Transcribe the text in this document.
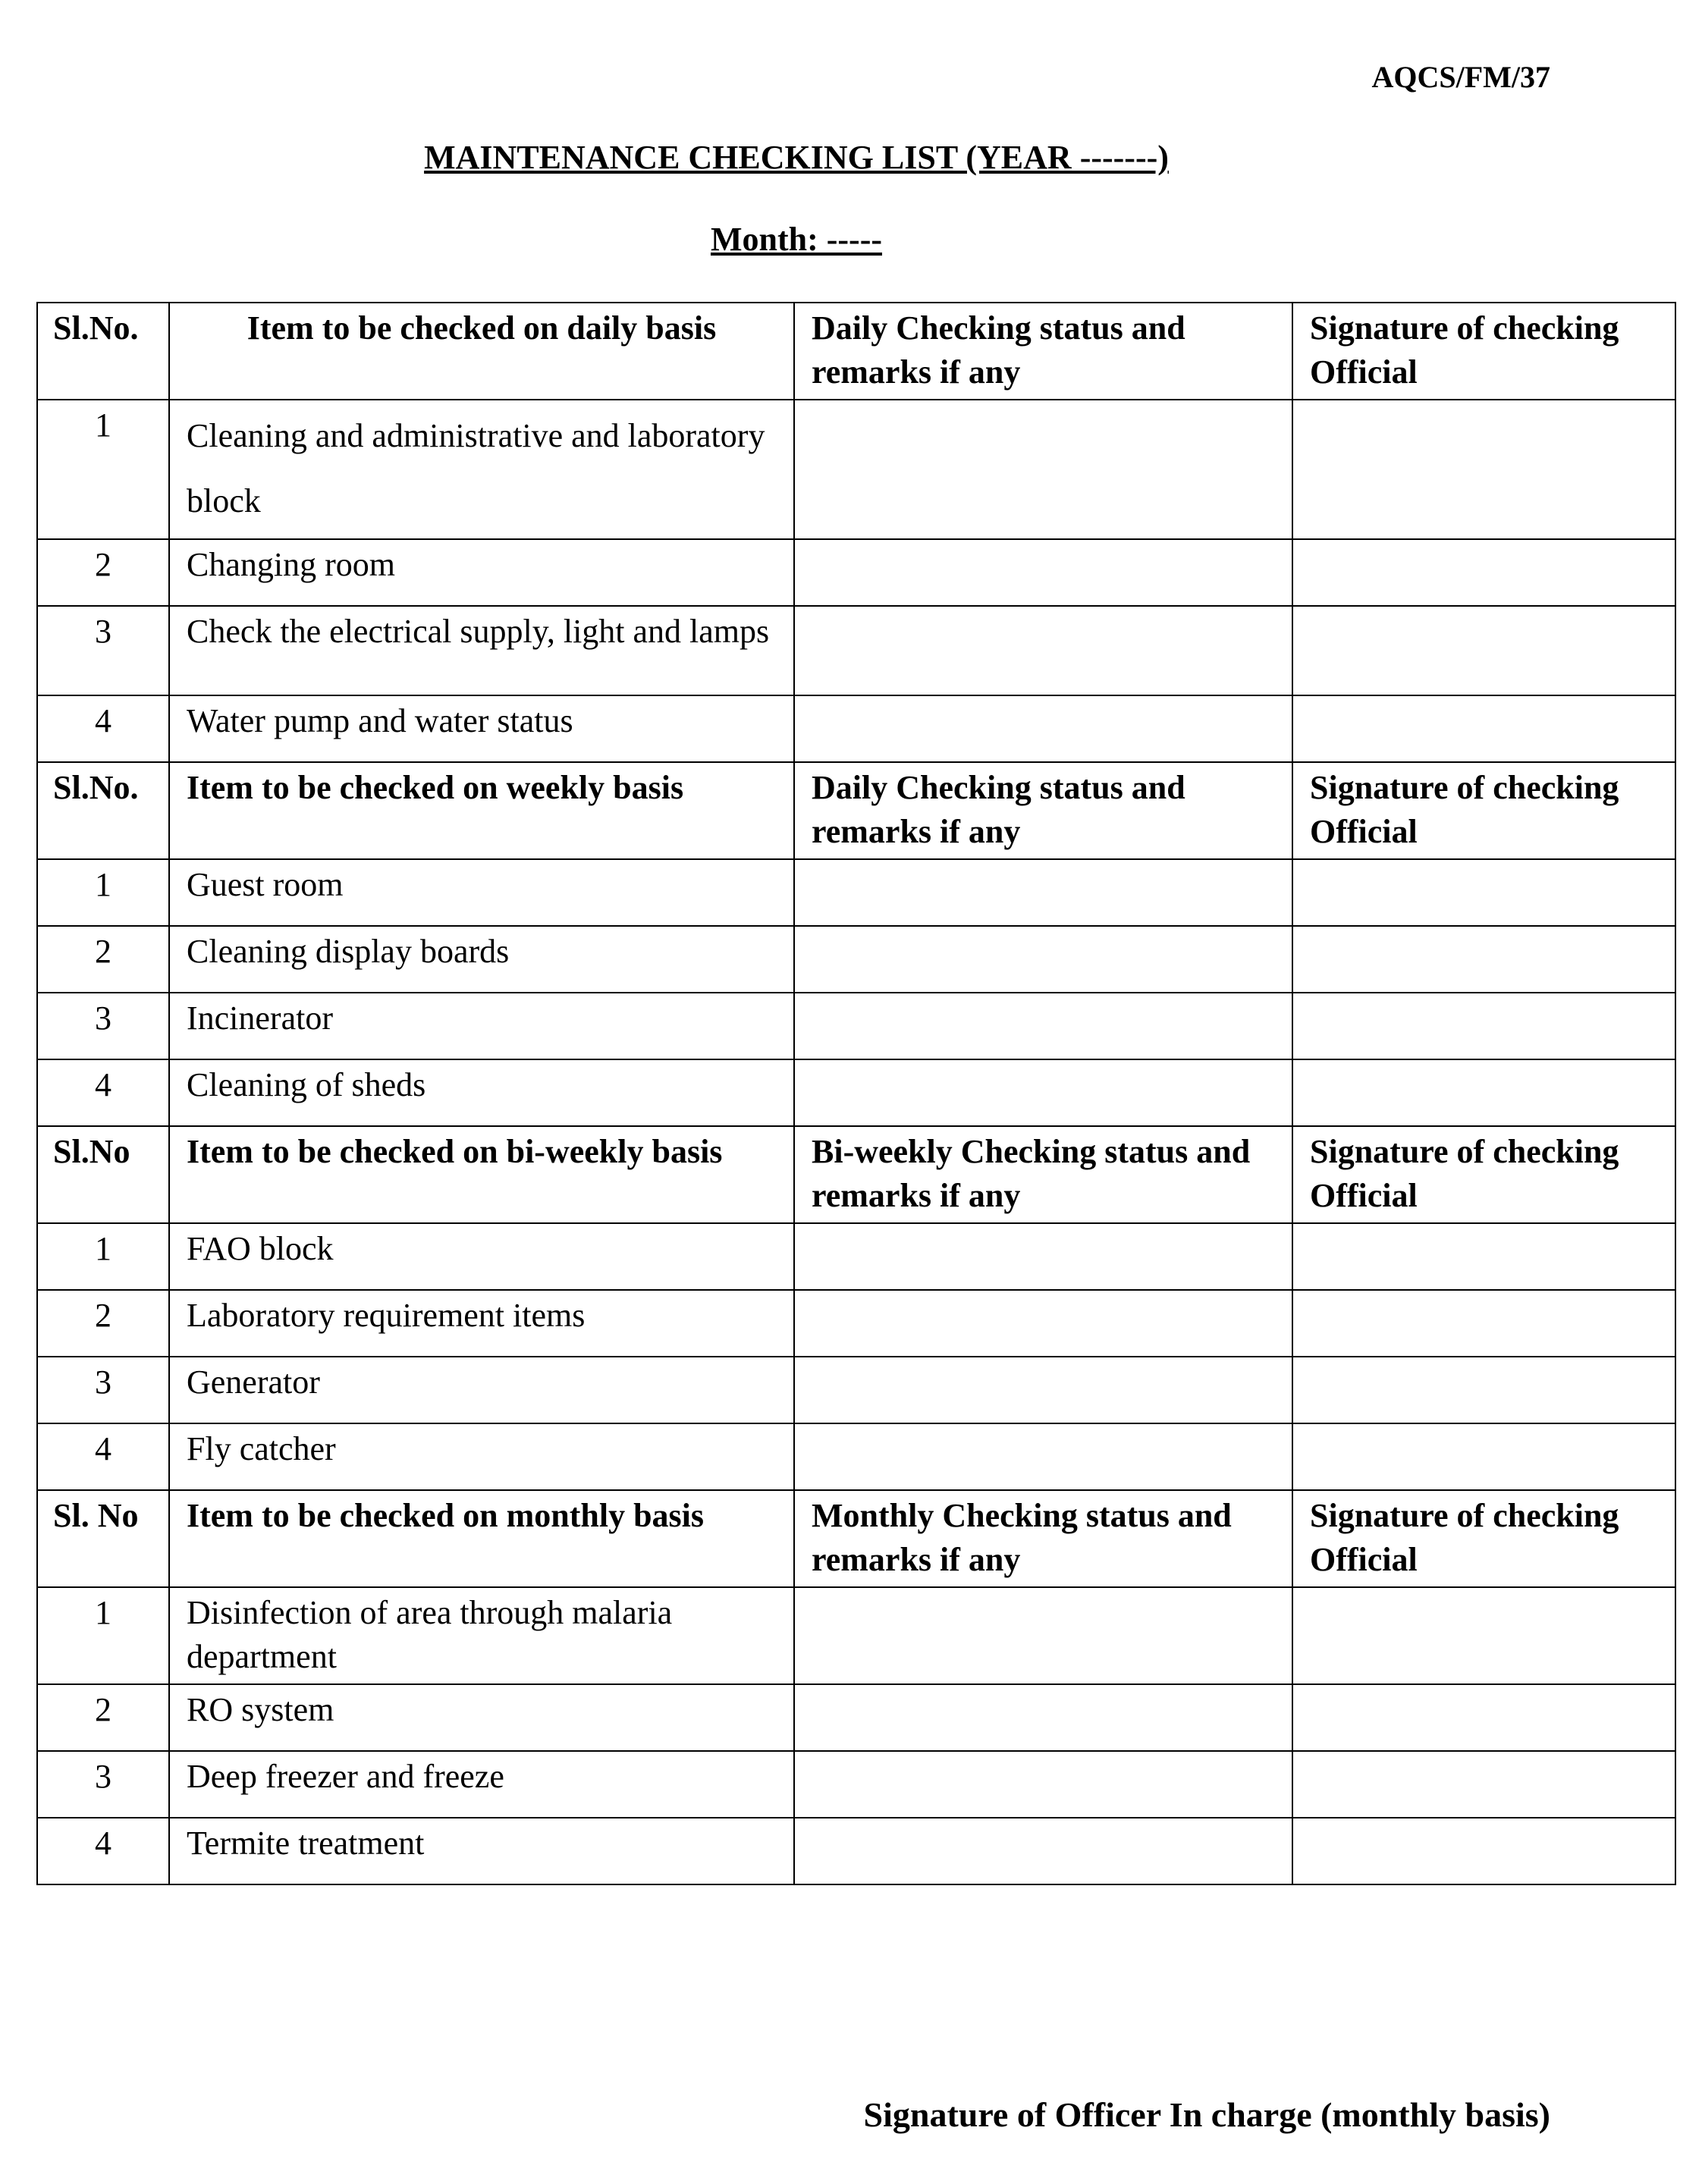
AQCS/FM/37
MAINTENANCE CHECKING LIST (YEAR -------)
Month: -----
Sl.No.	Item to be checked on daily basis	Daily Checking status and remarks if any	Signature of checking Official
1	Cleaning and administrative and laboratory block		
2	Changing room		
3	Check the electrical supply, light and lamps		
4	Water pump and water status		
Sl.No.	Item to be checked on weekly basis	Daily Checking status and remarks if any	Signature of checking Official
1	Guest room		
2	Cleaning display boards		
3	Incinerator		
4	Cleaning of sheds		
Sl.No	Item to be checked on bi-weekly basis	Bi-weekly Checking status and remarks if any	Signature of checking Official
1	FAO block		
2	Laboratory requirement items		
3	Generator		
4	Fly catcher		
Sl. No	Item to be checked on monthly basis	Monthly Checking status and remarks if any	Signature of checking Official
1	Disinfection of area through malaria department		
2	RO system		
3	Deep freezer and freeze		
4	Termite treatment		
Signature of Officer In charge (monthly basis)
